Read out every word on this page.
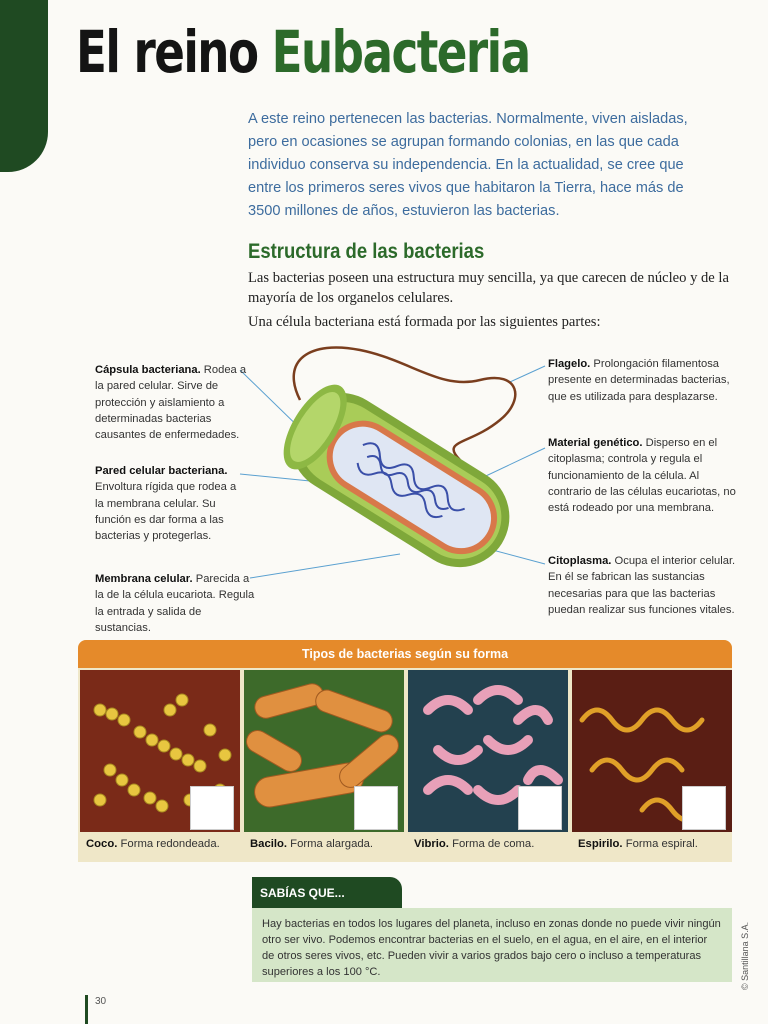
El reino Eubacteria

A este reino pertenecen las bacterias. Normalmente, viven aisladas, pero en ocasiones se agrupan formando colonias, en las que cada individuo conserva su independencia. En la actualidad, se cree que entre los primeros seres vivos que habitaron la Tierra, hace más de 3500 millones de años, estuvieron las bacterias.

Estructura de las bacterias

Las bacterias poseen una estructura muy sencilla, ya que carecen de núcleo y de la mayoría de los organelos celulares.

Una célula bacteriana está formada por las siguientes partes:

Cápsula bacteriana. Rodea a la pared celular. Sirve de protección y aislamiento a determinadas bacterias causantes de enfermedades.

Pared celular bacteriana. Envoltura rígida que rodea a la membrana celular. Su función es dar forma a las bacterias y protegerlas.

Membrana celular. Parecida a la de la célula eucariota. Regula la entrada y salida de sustancias.

Flagelo. Prolongación filamentosa presente en determinadas bacterias, que es utilizada para desplazarse.

Material genético. Disperso en el citoplasma; controla y regula el funcionamiento de la célula. Al contrario de las células eucariotas, no está rodeado por una membrana.

Citoplasma. Ocupa el interior celular. En él se fabrican las sustancias necesarias para que las bacterias puedan realizar sus funciones vitales.

Tipos de bacterias según su forma

Coco. Forma redondeada.	Bacilo. Forma alargada.	Vibrio. Forma de coma.	Espirilo. Forma espiral.

SABÍAS QUE...
Hay bacterias en todos los lugares del planeta, incluso en zonas donde no puede vivir ningún otro ser vivo. Podemos encontrar bacterias en el suelo, en el agua, en el aire, en el interior de otros seres vivos, etc. Pueden vivir a varios grados bajo cero o incluso a temperaturas superiores a los 100 °C.	© Santillana S.A.
30
